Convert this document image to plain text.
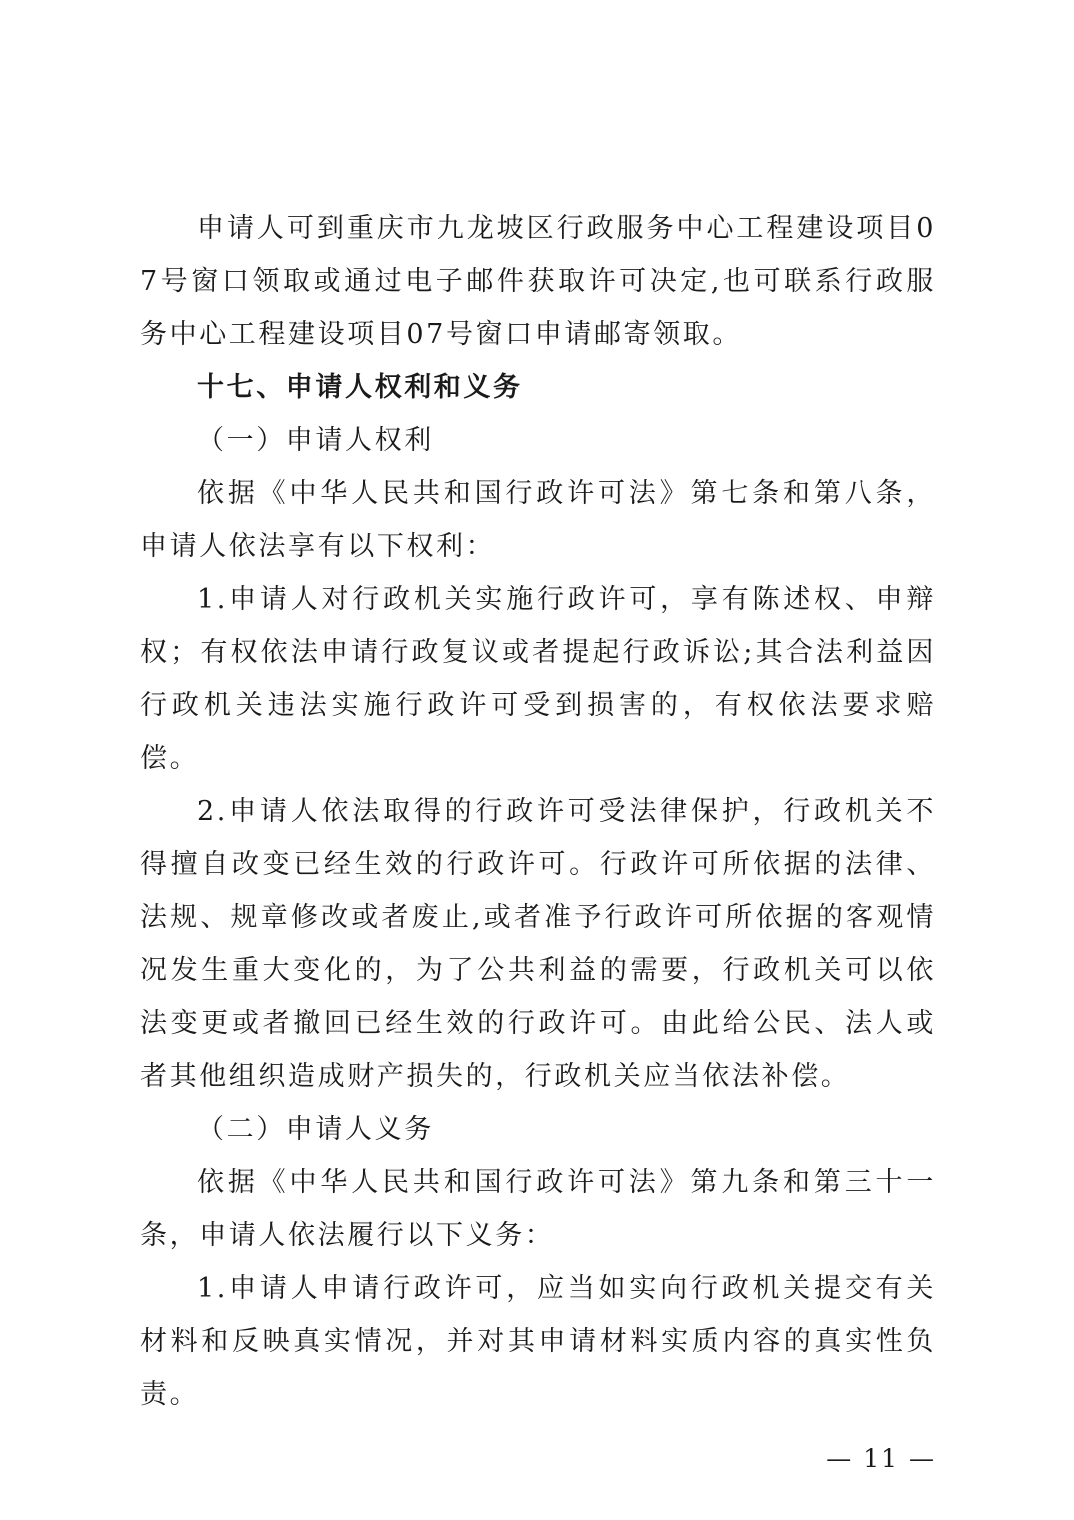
申请人可到重庆市九龙坡区行政服务中心工程建设项目07号窗口领取或通过电子邮件获取许可决定,也可联系行政服务中心工程建设项目07号窗口申请邮寄领取。

十七、申请人权利和义务

（一）申请人权利

依据《中华人民共和国行政许可法》第七条和第八条，申请人依法享有以下权利：

1.申请人对行政机关实施行政许可，享有陈述权、申辩权；有权依法申请行政复议或者提起行政诉讼;其合法利益因行政机关违法实施行政许可受到损害的，有权依法要求赔偿。

2.申请人依法取得的行政许可受法律保护，行政机关不得擅自改变已经生效的行政许可。行政许可所依据的法律、法规、规章修改或者废止,或者准予行政许可所依据的客观情况发生重大变化的，为了公共利益的需要，行政机关可以依法变更或者撤回已经生效的行政许可。由此给公民、法人或者其他组织造成财产损失的，行政机关应当依法补偿。

（二）申请人义务

依据《中华人民共和国行政许可法》第九条和第三十一条，申请人依法履行以下义务：

1.申请人申请行政许可，应当如实向行政机关提交有关材料和反映真实情况，并对其申请材料实质内容的真实性负责。

— 11 —
